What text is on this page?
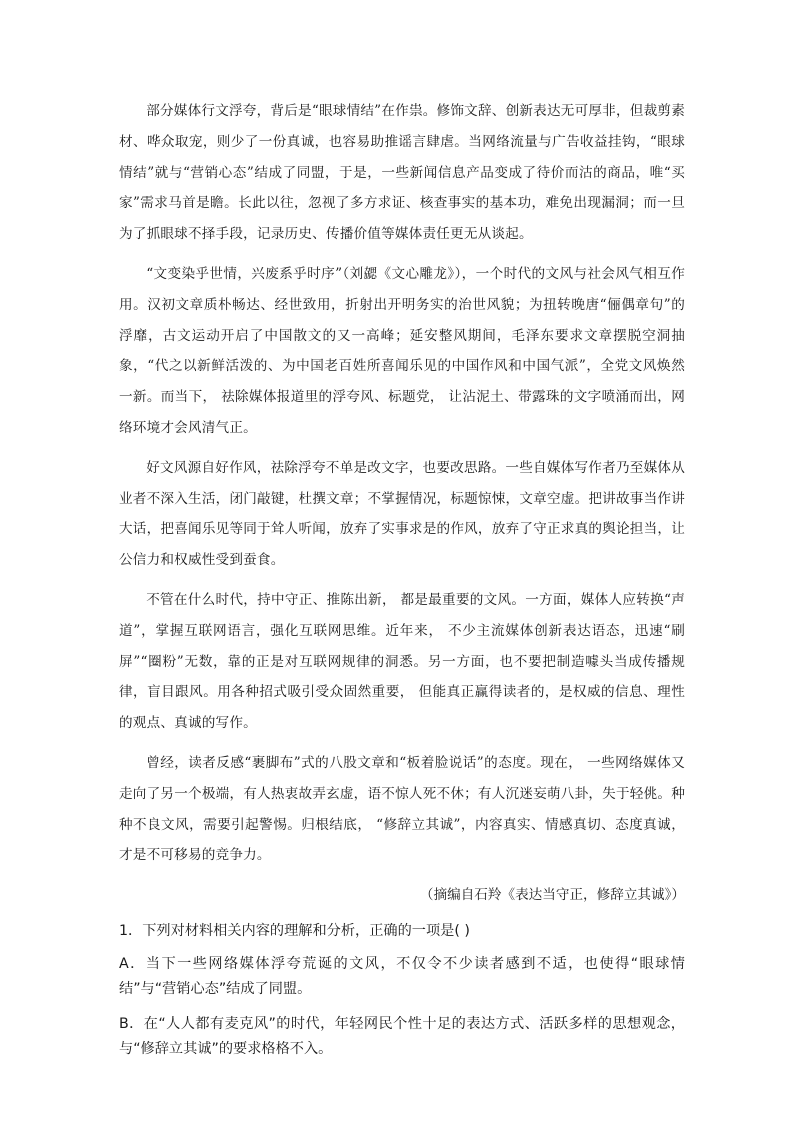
部分媒体行文浮夸，背后是“眼球情结”在作祟。修饰文辞、创新表达无可厚非，但裁剪素材、哗众取宠，则少了一份真诚，也容易助推谣言肆虐。当网络流量与广告收益挂钩，“眼球情结”就与“营销心态”结成了同盟，于是，一些新闻信息产品变成了待价而沽的商品，唯“买家”需求马首是瞻。长此以往，忽视了多方求证、核查事实的基本功，难免出现漏洞；而一旦为了抓眼球不择手段，记录历史、传播价值等媒体责任更无从谈起。

“文变染乎世情，兴废系乎时序”（刘勰《文心雕龙》），一个时代的文风与社会风气相互作用。汉初文章质朴畅达、经世致用，折射出开明务实的治世风貌；为扭转晚唐“俪偶章句”的浮靡，古文运动开启了中国散文的又一高峰；延安整风期间，毛泽东要求文章摆脱空洞抽象，“代之以新鲜活泼的、为中国老百姓所喜闻乐见的中国作风和中国气派”，全党文风焕然一新。而当下， 祛除媒体报道里的浮夸风、标题党， 让沾泥土、带露珠的文字喷涌而出，网络环境才会风清气正。

好文风源自好作风，祛除浮夸不单是改文字，也要改思路。一些自媒体写作者乃至媒体从业者不深入生活，闭门敲键，杜撰文章；不掌握情况，标题惊悚，文章空虚。把讲故事当作讲大话，把喜闻乐见等同于耸人听闻，放弃了实事求是的作风，放弃了守正求真的舆论担当，让公信力和权威性受到蚕食。

不管在什么时代，持中守正、推陈出新， 都是最重要的文风。一方面，媒体人应转换“声道”，掌握互联网语言，强化互联网思维。近年来， 不少主流媒体创新表达语态，迅速“刷屏”“圈粉”无数，靠的正是对互联网规律的洞悉。另一方面，也不要把制造噱头当成传播规律，盲目跟风。用各种招式吸引受众固然重要， 但能真正赢得读者的，是权威的信息、理性的观点、真诚的写作。

曾经，读者反感“裹脚布”式的八股文章和“板着脸说话”的态度。现在， 一些网络媒体又走向了另一个极端，有人热衷故弄玄虚，语不惊人死不休；有人沉迷妄萌八卦，失于轻佻。种种不良文风，需要引起警惕。归根结底， “修辞立其诚”，内容真实、情感真切、态度真诚，才是不可移易的竞争力。

（摘编自石羚《表达当守正，修辞立其诚》）

1．下列对材料相关内容的理解和分析，正确的一项是( )

A．当下一些网络媒体浮夸荒诞的文风，不仅令不少读者感到不适，也使得“眼球情结”与“营销心态”结成了同盟。

B．在“人人都有麦克风”的时代，年轻网民个性十足的表达方式、活跃多样的思想观念，与“修辞立其诚”的要求格格不入。
